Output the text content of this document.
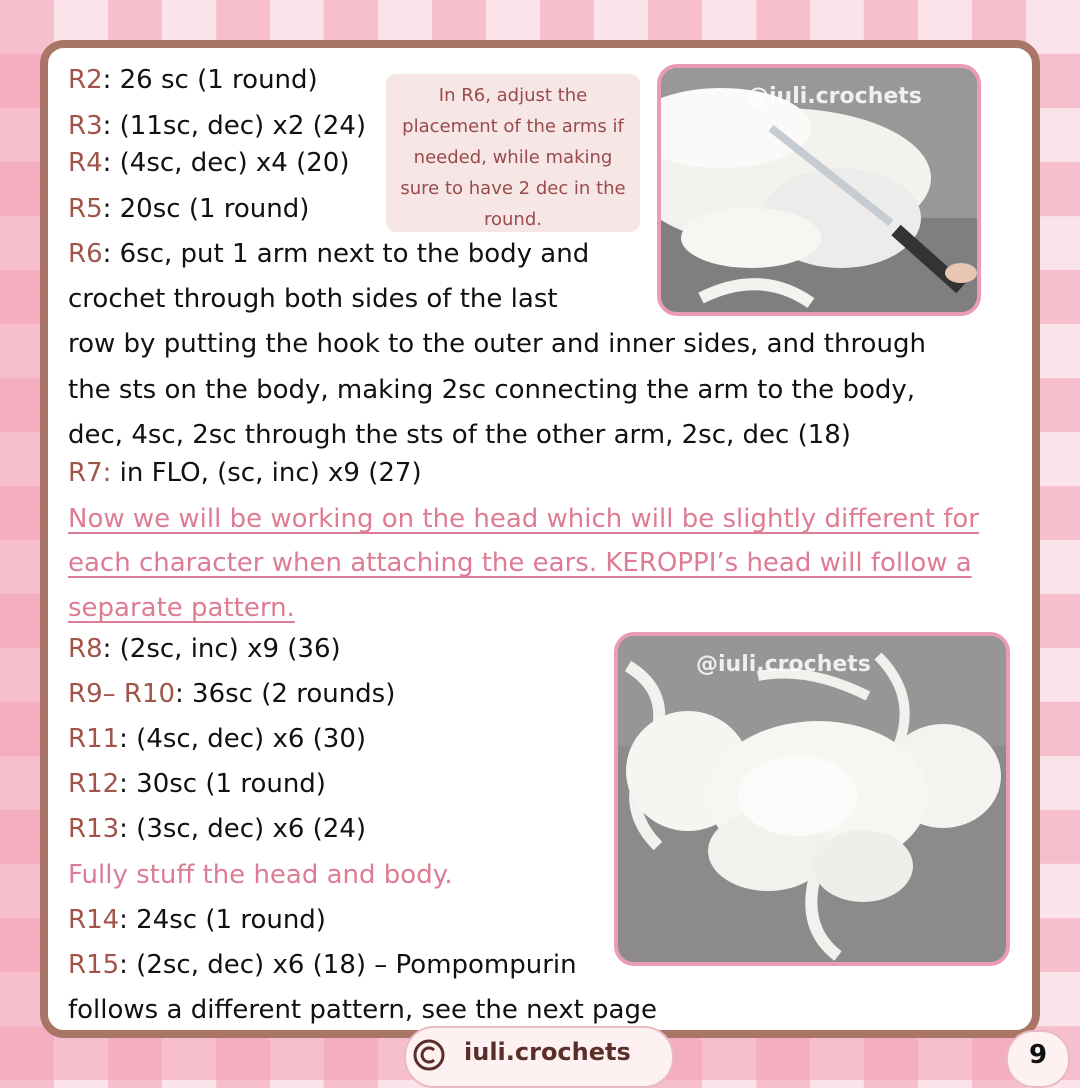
R2: 26 sc (1 round)

R3: (11sc, dec) x2 (24)

R4: (4sc, dec) x4 (20)

R5: 20sc (1 round)

R6: 6sc, put 1 arm next to the body and

crochet through both sides of the last

row by putting the hook to the outer and inner sides, and through

the sts on the body, making 2sc connecting the arm to the body,

dec, 4sc, 2sc through the sts of the other arm, 2sc, dec (18)

R7: in FLO, (sc, inc) x9 (27)

Now we will be working on the head which will be slightly different for

each character when attaching the ears. KEROPPI’s head will follow a

separate pattern.

R8: (2sc, inc) x9 (36)

R9– R10: 36sc (2 rounds)

R11: (4sc, dec) x6 (30)

R12: 30sc (1 round)

R13: (3sc, dec) x6 (24)

Fully stuff the head and body.

R14: 24sc (1 round)

R15: (2sc, dec) x6 (18) – Pompompurin

follows a different pattern, see the next page

In R6, adjust the placement of the arms if needed, while making sure to have 2 dec in the round.
@iuli.crochets
@iuli.crochets
iuli.crochets	9
